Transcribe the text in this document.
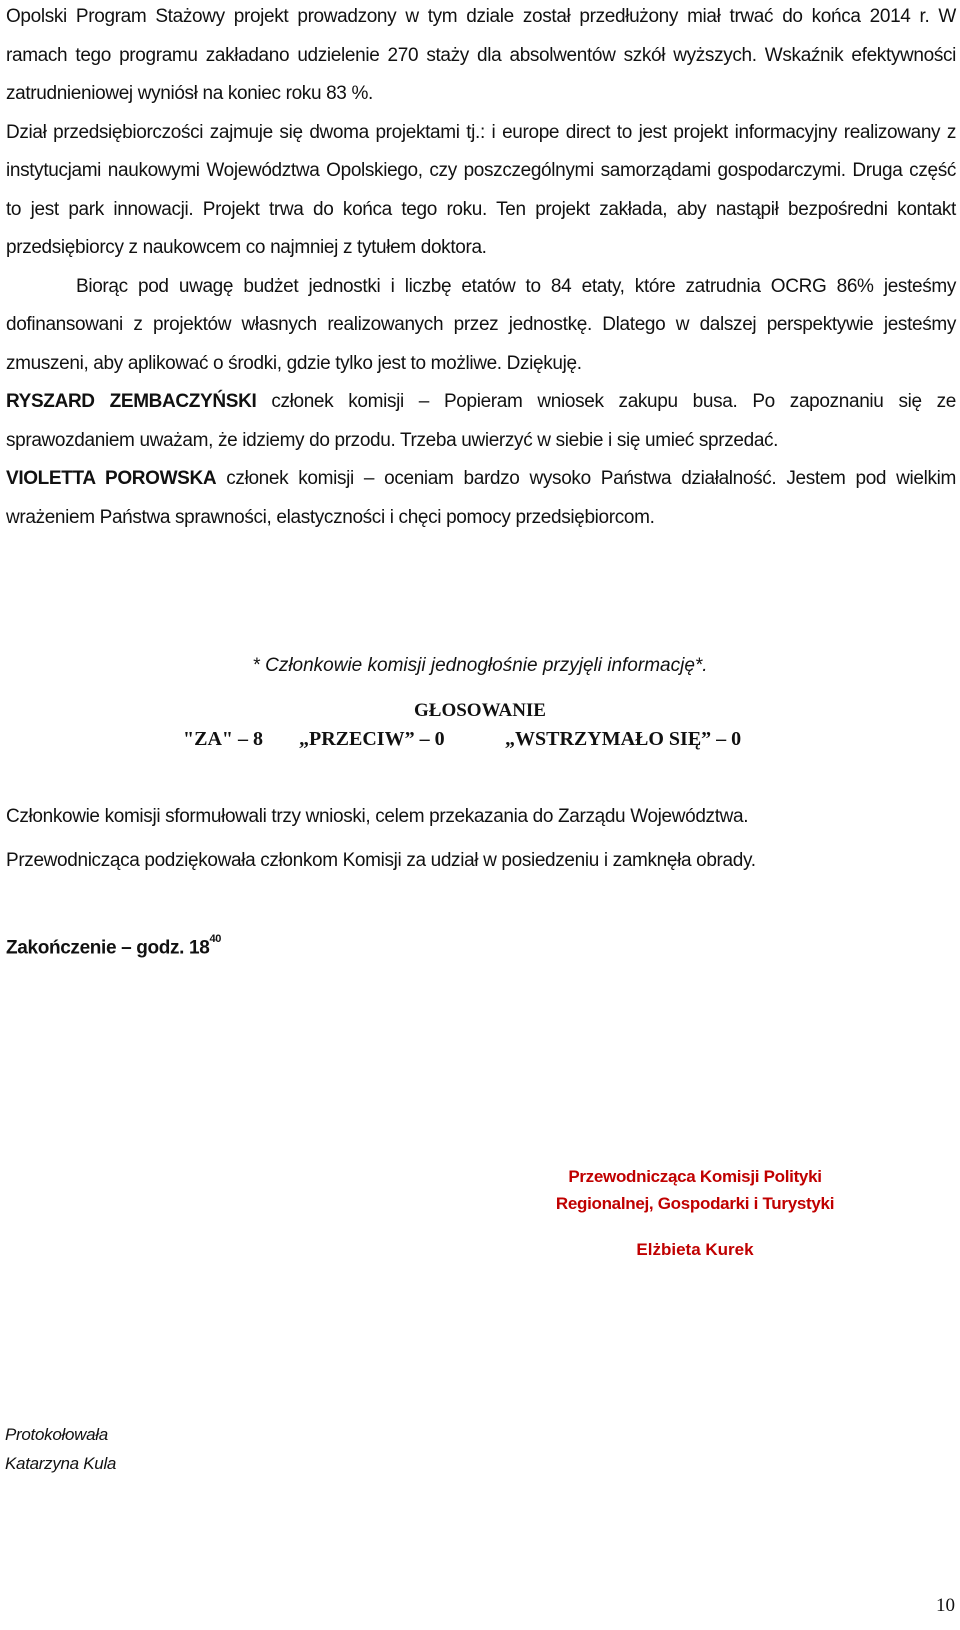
Opolski Program Stażowy projekt prowadzony w tym dziale został przedłużony miał trwać do końca 2014 r. W ramach tego programu zakładano udzielenie 270 staży dla absolwentów szkół wyższych. Wskaźnik efektywności zatrudnieniowej wyniósł na koniec roku 83 %.

Dział przedsiębiorczości zajmuje się dwoma projektami tj.: i europe direct to jest projekt informacyjny realizowany z instytucjami naukowymi Województwa Opolskiego, czy poszczególnymi samorządami gospodarczymi. Druga część to jest park innowacji. Projekt trwa do końca tego roku. Ten projekt zakłada, aby nastąpił bezpośredni kontakt przedsiębiorcy z naukowcem co najmniej z tytułem doktora.

Biorąc pod uwagę budżet jednostki i liczbę etatów to 84 etaty, które zatrudnia OCRG 86% jesteśmy dofinansowani z projektów własnych realizowanych przez jednostkę. Dlatego w dalszej perspektywie jesteśmy zmuszeni, aby aplikować o środki, gdzie tylko jest to możliwe. Dziękuję.

RYSZARD ZEMBACZYŃSKI członek komisji – Popieram wniosek zakupu busa. Po zapoznaniu się ze sprawozdaniem uważam, że idziemy do przodu. Trzeba uwierzyć w siebie i się umieć sprzedać.

VIOLETTA POROWSKA członek komisji – oceniam bardzo wysoko Państwa działalność. Jestem pod wielkim wrażeniem Państwa sprawności, elastyczności i chęci pomocy przedsiębiorcom.

* Członkowie komisji jednogłośnie przyjęli informację*.
GŁOSOWANIE
"ZA" – 8 „PRZECIW” – 0	„WSTRZYMAŁO SIĘ” – 0
Członkowie komisji sformułowali trzy wnioski, celem przekazania do Zarządu Województwa.
Przewodnicząca podziękowała członkom Komisji za udział w posiedzeniu i zamknęła obrady.
Zakończenie – godz. $18^{40}$
Przewodnicząca Komisji Polityki
Regionalnej, Gospodarki i Turystyki
Elżbieta Kurek
Protokołowała
Katarzyna Kula
10
